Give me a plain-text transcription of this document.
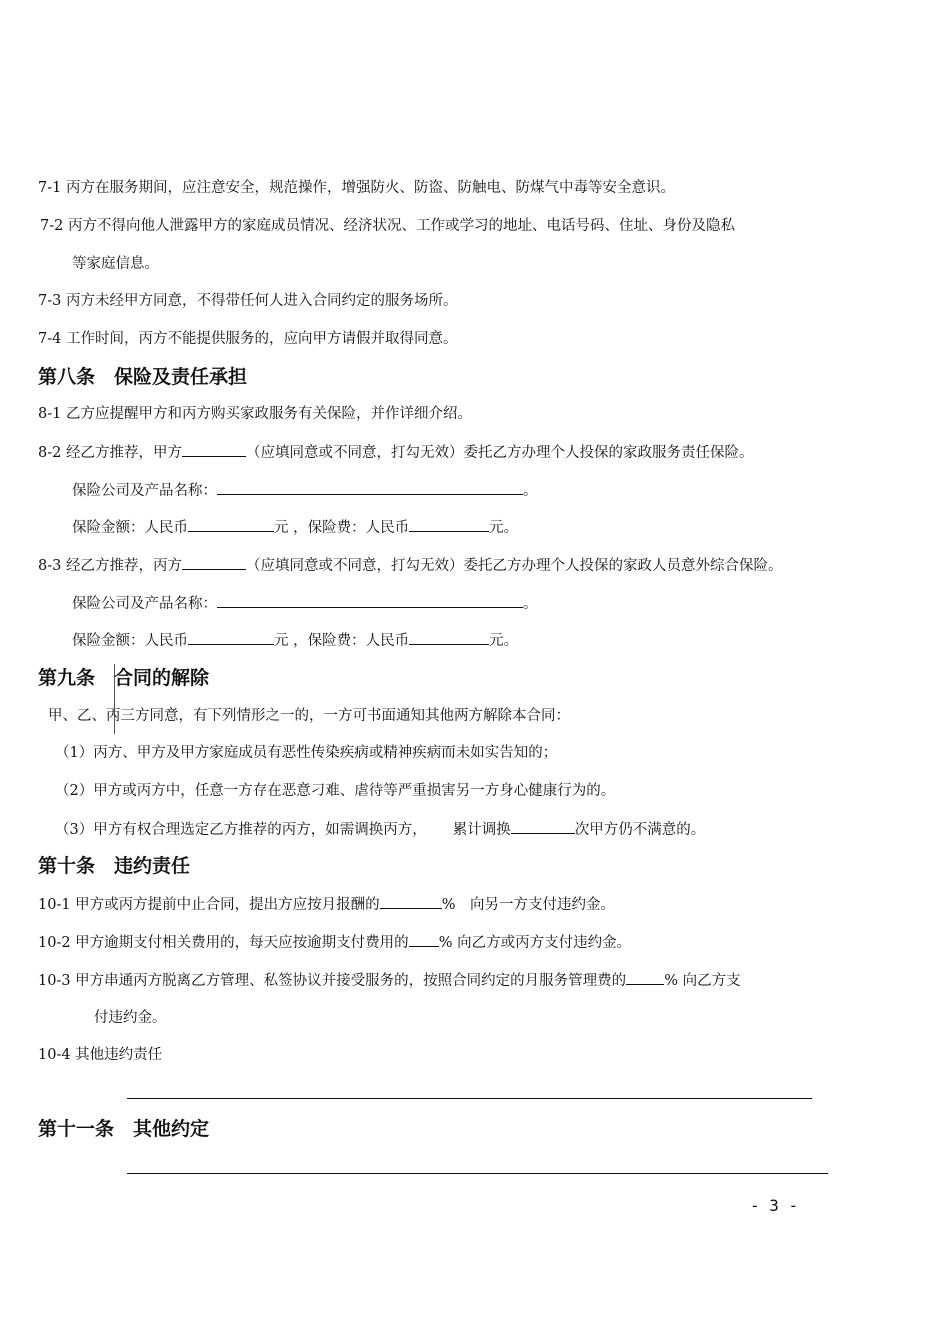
7-1 丙方在服务期间，应注意安全，规范操作，增强防火、防盗、防触电、防煤气中毒等安全意识。
7-2 丙方不得向他人泄露甲方的家庭成员情况、经济状况、工作或学习的地址、电话号码、住址、身份及隐私
等家庭信息。
7-3 丙方未经甲方同意，不得带任何人进入合同约定的服务场所。
7-4 工作时间，丙方不能提供服务的，应向甲方请假并取得同意。
第八条　保险及责任承担
8-1 乙方应提醒甲方和丙方购买家政服务有关保险，并作详细介绍。
8-2 经乙方推荐，甲方	（应填同意或不同意，打勾无效）委托乙方办理个人投保的家政服务责任保险。
保险公司及产品名称：	。
保险金额：人民币	元 ，保险费：人民币	元。
8-3 经乙方推荐，丙方	（应填同意或不同意，打勾无效）委托乙方办理个人投保的家政人员意外综合保险。
保险公司及产品名称：	。
保险金额：人民币	元 ，保险费：人民币	元。
第九条　合同的解除
甲、乙、丙三方同意，有下列情形之一的，一方可书面通知其他两方解除本合同：
（1）丙方、甲方及甲方家庭成员有恶性传染疾病或精神疾病而未如实告知的；
（2）甲方或丙方中，任意一方存在恶意刁难、虐待等严重损害另一方身心健康行为的。
（3）甲方有权合理选定乙方推荐的丙方，如需调换丙方， 累计调换	次甲方仍不满意的。
第十条　违约责任
10-1 甲方或丙方提前中止合同，提出方应按月报酬的	%　向另一方支付违约金。
10-2 甲方逾期支付相关费用的，每天应按逾期支付费用的 % 向乙方或丙方支付违约金。
10-3 甲方串通丙方脱离乙方管理、私签协议并接受服务的，按照合同约定的月服务管理费的	% 向乙方支
付违约金。
10-4 其他违约责任
第十一条　其他约定
- 3 -
